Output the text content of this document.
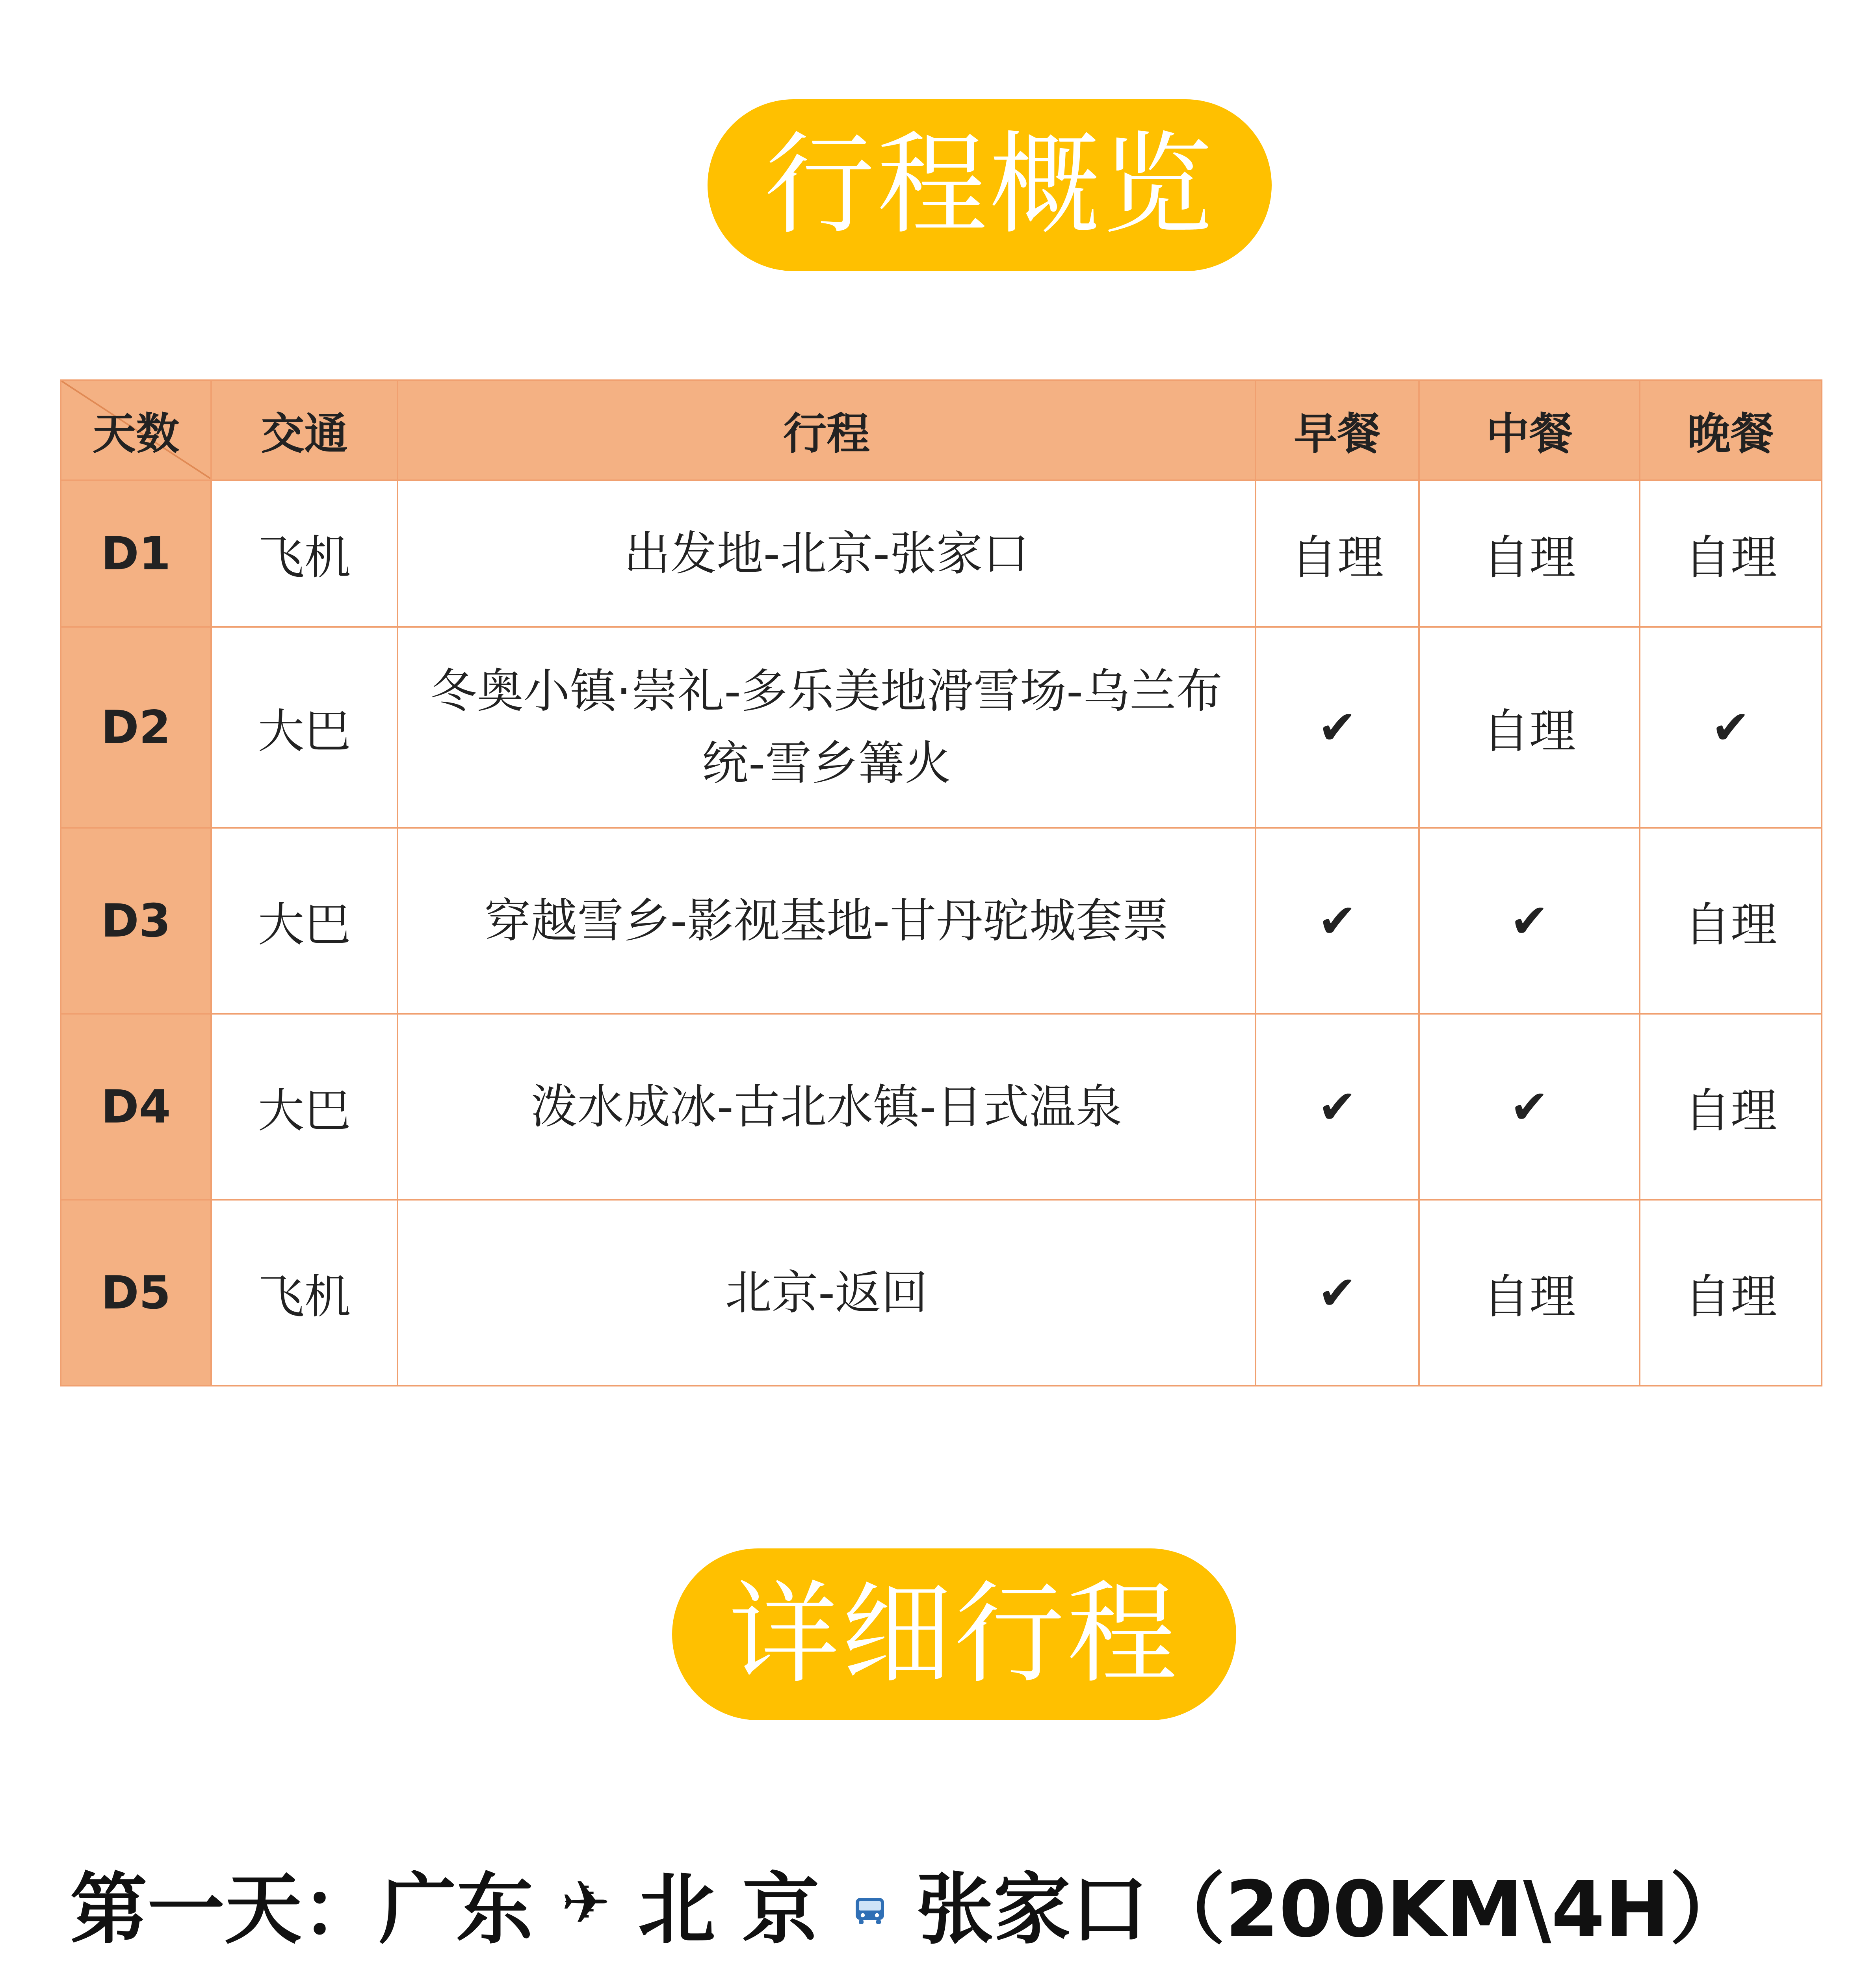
行程概览
天数	交通	行程	早餐	中餐	晚餐
D1	飞机	出发地-北京-张家口	自理	自理	自理
D2	大巴	冬奥小镇·崇礼-多乐美地滑雪场-乌兰布统-雪乡篝火	✔	自理	✔
D3	大巴	穿越雪乡-影视基地-甘丹驼城套票	✔	✔	自理
D4	大巴	泼水成冰-古北水镇-日式温泉	✔	✔	自理
D5	飞机	北京-返回	✔	自理	自理
详细行程
第一天：广东 ✈ 北 京 张家口（200KM\4H）
